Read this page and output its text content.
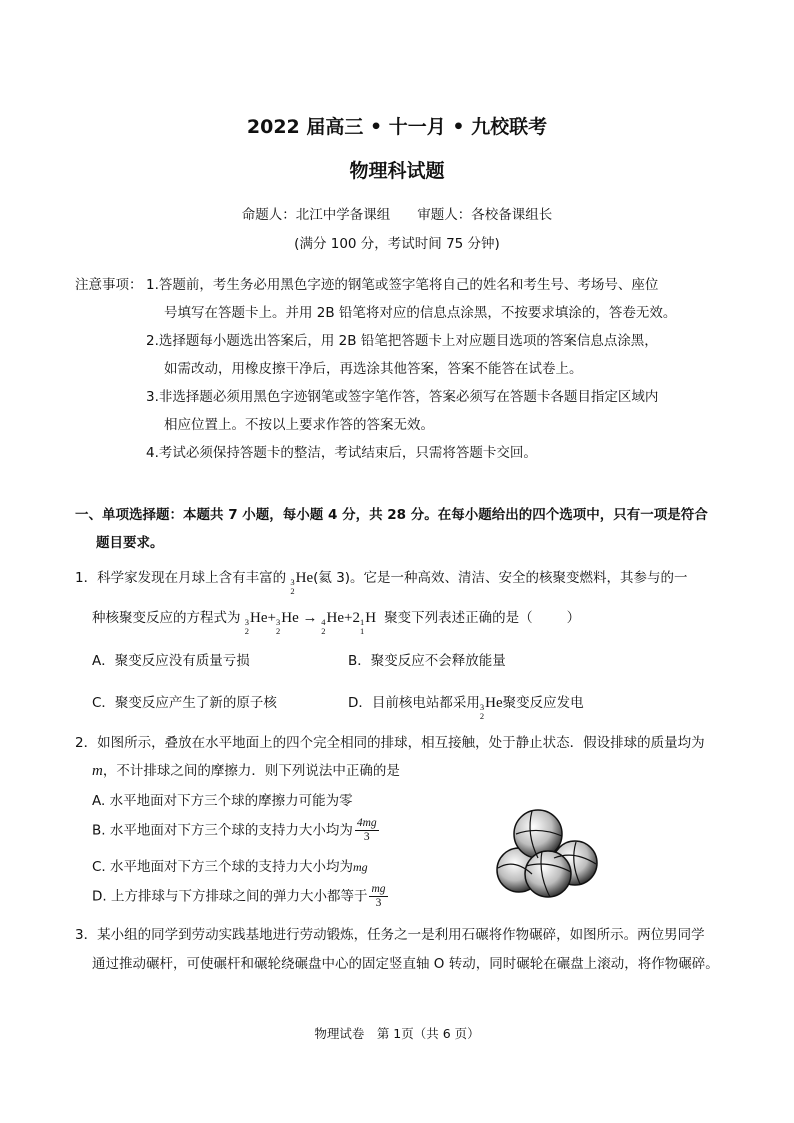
2022 届高三 • 十一月 • 九校联考
物理科试题
命题人：北江中学备课组　　审题人：各校备课组长
(满分 100 分，考试时间 75 分钟)
注意事项： 1.答题前，考生务必用黑色字迹的钢笔或签字笔将自己的姓名和考生号、考场号、座位
号填写在答题卡上。并用 2B 铅笔将对应的信息点涂黑，不按要求填涂的，答卷无效。
2.选择题每小题选出答案后，用 2B 铅笔把答题卡上对应题目选项的答案信息点涂黑，
如需改动，用橡皮擦干净后，再选涂其他答案，答案不能答在试卷上。
3.非选择题必须用黑色字迹钢笔或签字笔作答，答案必须写在答题卡各题目指定区域内
相应位置上。不按以上要求作答的答案无效。
4.考试必须保持答题卡的整洁，考试结束后，只需将答题卡交回。
一、单项选择题：本题共 7 小题，每小题 4 分，共 28 分。在每小题给出的四个选项中，只有一项是符合
题目要求。
1．科学家发现在月球上含有丰富的 3
2
He(氦 3)。它是一种高效、清洁、安全的核聚变燃料，其参与的一
种核聚变反应的方程式为 3
2
He+ 3
2
He → 4
2
He+2 1
1
H 聚变下列表述正确的是（	）
A．聚变反应没有质量亏损	B．聚变反应不会释放能量
C．聚变反应产生了新的原子核	D．目前核电站都采用 3
2
He聚变反应发电
2．如图所示，叠放在水平地面上的四个完全相同的排球，相互接触，处于静止状态．假设排球的质量均为
m，不计排球之间的摩擦力．则下列说法中正确的是
A. 水平地面对下方三个球的摩擦力可能为零
B. 水平地面对下方三个球的支持力大小均为 $\frac{4mg}{3}$
C. 水平地面对下方三个球的支持力大小均为mg
D. 上方排球与下方排球之间的弹力大小都等于 $\frac{mg}{3}$
3．某小组的同学到劳动实践基地进行劳动锻炼，任务之一是利用石碾将作物碾碎，如图所示。两位男同学
通过推动碾杆，可使碾杆和碾轮绕碾盘中心的固定竖直轴 O 转动，同时碾轮在碾盘上滚动，将作物碾碎。
物理试卷　第 1页（共 6 页）
